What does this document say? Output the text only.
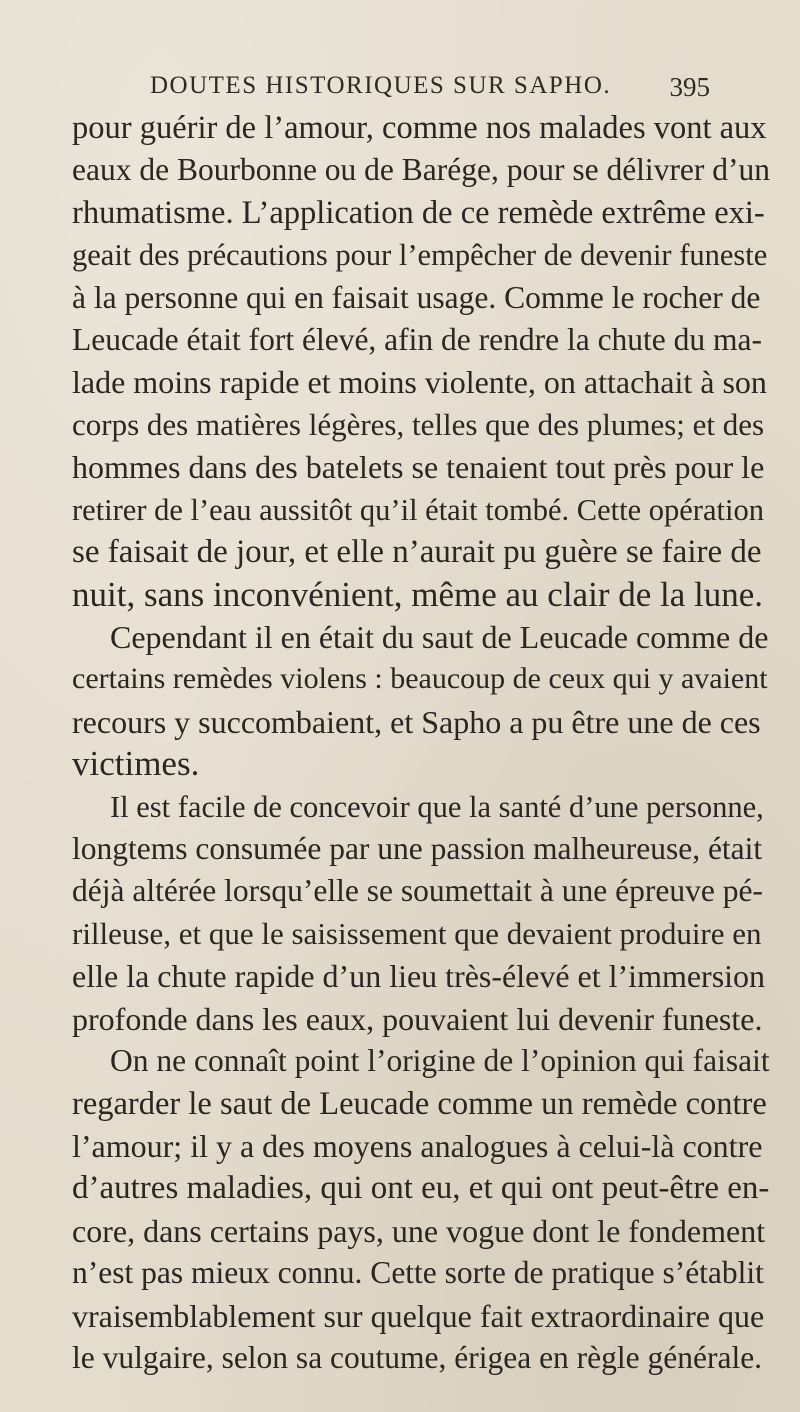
DOUTES HISTORIQUES SUR SAPHO. 395
pour guérir de l’amour, comme nos malades vont aux
eaux de Bourbonne ou de Barége, pour se délivrer d’un
rhumatisme. L’application de ce remède extrême exi-
geait des précautions pour l’empêcher de devenir funeste
à la personne qui en faisait usage. Comme le rocher de
Leucade était fort élevé, afin de rendre la chute du ma-
lade moins rapide et moins violente, on attachait à son
corps des matières légères, telles que des plumes; et des
hommes dans des batelets se tenaient tout près pour le
retirer de l’eau aussitôt qu’il était tombé. Cette opération
se faisait de jour, et elle n’aurait pu guère se faire de
nuit, sans inconvénient, même au clair de la lune.
Cependant il en était du saut de Leucade comme de
certains remèdes violens : beaucoup de ceux qui y avaient
recours y succombaient, et Sapho a pu être une de ces
victimes.
Il est facile de concevoir que la santé d’une personne,
longtems consumée par une passion malheureuse, était
déjà altérée lorsqu’elle se soumettait à une épreuve pé-
rilleuse, et que le saisissement que devaient produire en
elle la chute rapide d’un lieu très-élevé et l’immersion
profonde dans les eaux, pouvaient lui devenir funeste.
On ne connaît point l’origine de l’opinion qui faisait
regarder le saut de Leucade comme un remède contre
l’amour; il y a des moyens analogues à celui-là contre
d’autres maladies, qui ont eu, et qui ont peut-être en-
core, dans certains pays, une vogue dont le fondement
n’est pas mieux connu. Cette sorte de pratique s’établit
vraisemblablement sur quelque fait extraordinaire que
le vulgaire, selon sa coutume, érigea en règle générale.
